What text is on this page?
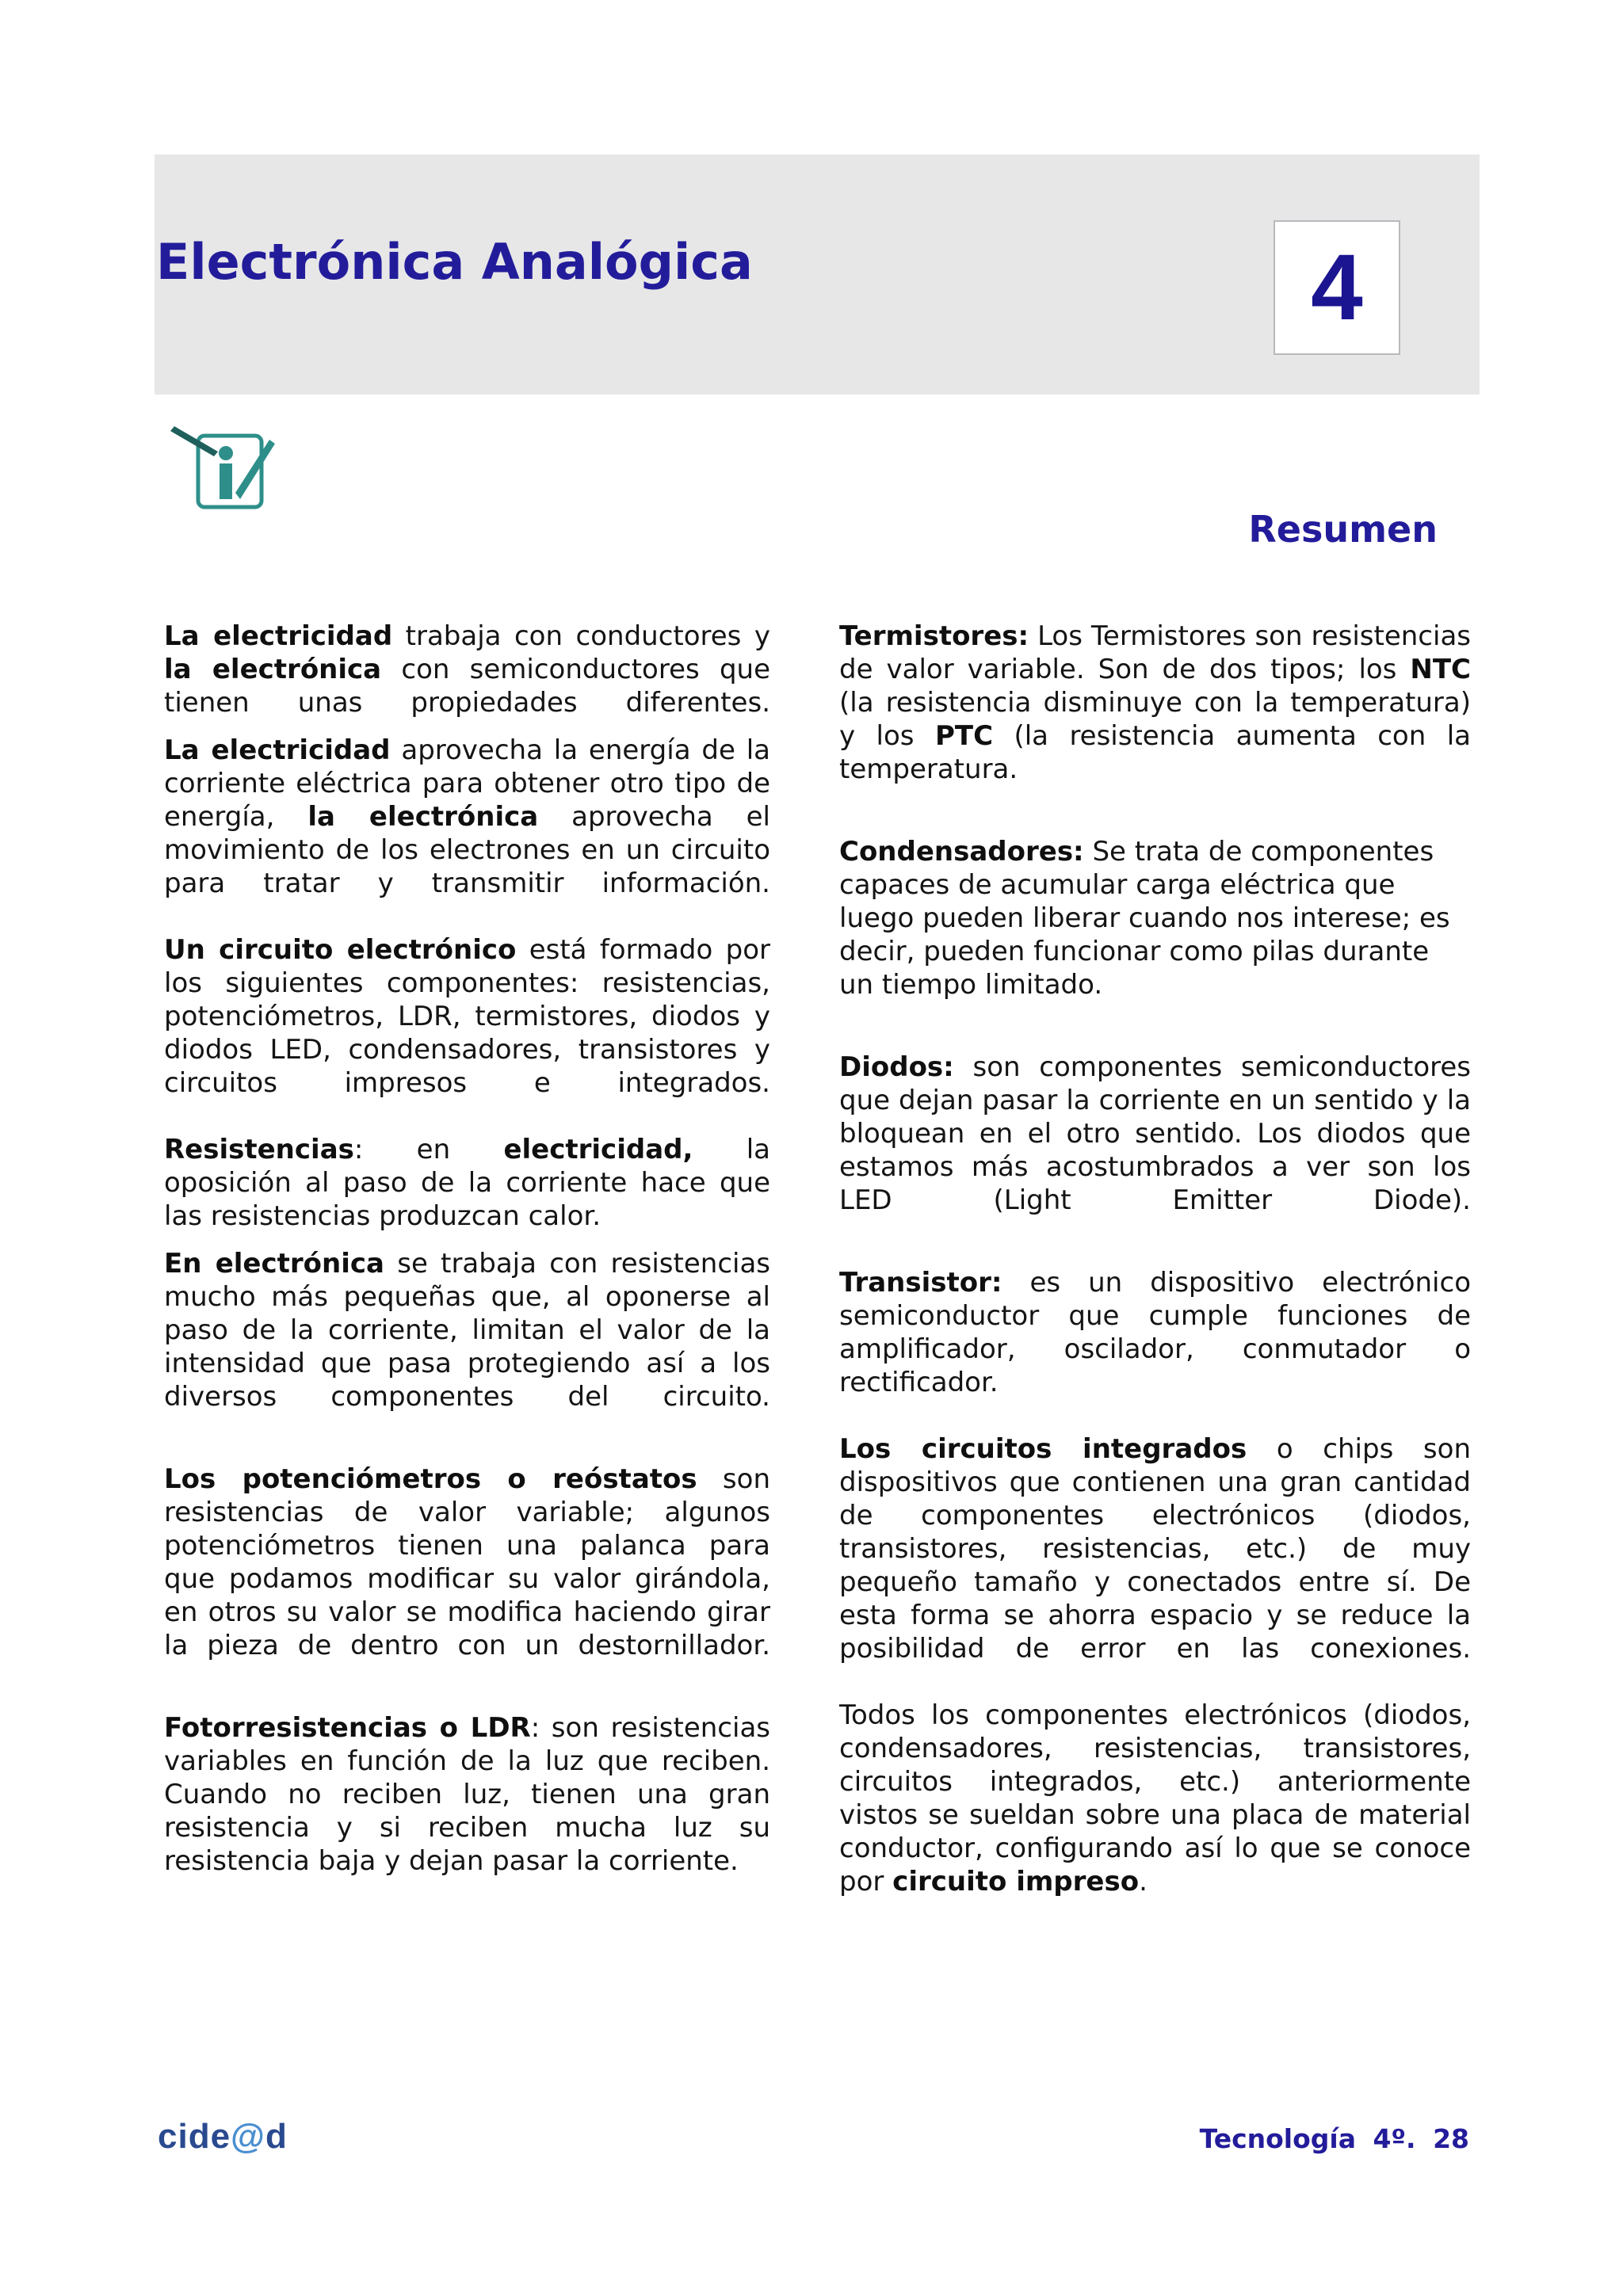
Electrónica Analógica	4
Resumen

La electricidad trabaja con conductores y la electrónica con semiconductores que tienen unas propiedades diferentes.

La electricidad aprovecha la energía de la corriente eléctrica para obtener otro tipo de energía, la electrónica aprovecha el movimiento de los electrones en un circuito para tratar y transmitir información.

Un circuito electrónico está formado por los siguientes componentes: resistencias, potenciómetros, LDR, termistores, diodos y diodos LED, condensadores, transistores y circuitos impresos e integrados.

Resistencias: en electricidad, la oposición al paso de la corriente hace que las resistencias produzcan calor.

En electrónica se trabaja con resistencias mucho más pequeñas que, al oponerse al paso de la corriente, limitan el valor de la intensidad que pasa protegiendo así a los diversos componentes del circuito.

Los potenciómetros o reóstatos son resistencias de valor variable; algunos potenciómetros tienen una palanca para que podamos modificar su valor girándola, en otros su valor se modifica haciendo girar la pieza de dentro con un destornillador.

Fotorresistencias o LDR: son resistencias variables en función de la luz que reciben. Cuando no reciben luz, tienen una gran resistencia y si reciben mucha luz su resistencia baja y dejan pasar la corriente.

Termistores: Los Termistores son resistencias de valor variable. Son de dos tipos; los NTC (la resistencia disminuye con la temperatura) y los PTC (la resistencia aumenta con la temperatura.

Condensadores: Se trata de componentes capaces de acumular carga eléctrica que luego pueden liberar cuando nos interese; es decir, pueden funcionar como pilas durante un tiempo limitado.

Diodos: son componentes semiconductores que dejan pasar la corriente en un sentido y la bloquean en el otro sentido. Los diodos que estamos más acostumbrados a ver son los LED (Light Emitter Diode).

Transistor: es un dispositivo electrónico semiconductor que cumple funciones de amplificador, oscilador, conmutador o rectificador.

Los circuitos integrados o chips son dispositivos que contienen una gran cantidad de componentes electrónicos (diodos, transistores, resistencias, etc.) de muy pequeño tamaño y conectados entre sí. De esta forma se ahorra espacio y se reduce la posibilidad de error en las conexiones.

Todos los componentes electrónicos (diodos, condensadores, resistencias, transistores, circuitos integrados, etc.) anteriormente vistos se sueldan sobre una placa de material conductor, configurando así lo que se conoce por circuito impreso.

cide@d	Tecnología 4º. 28
